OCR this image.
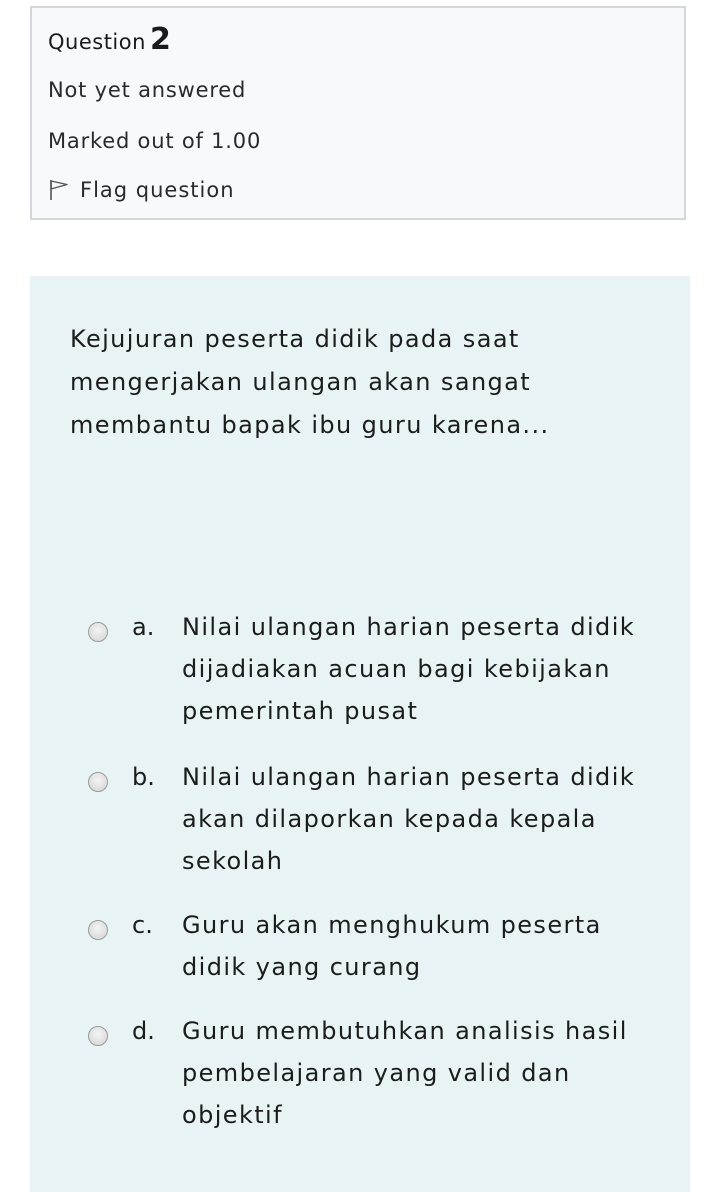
Question 2
Not yet answered
Marked out of 1.00
Flag question
Kejujuran peserta didik pada saat mengerjakan ulangan akan sangat membantu bapak ibu guru karena...
a. Nilai ulangan harian peserta didik dijadiakan acuan bagi kebijakan pemerintah pusat
b. Nilai ulangan harian peserta didik akan dilaporkan kepada kepala sekolah
c. Guru akan menghukum peserta didik yang curang
d. Guru membutuhkan analisis hasil pembelajaran yang valid dan objektif
